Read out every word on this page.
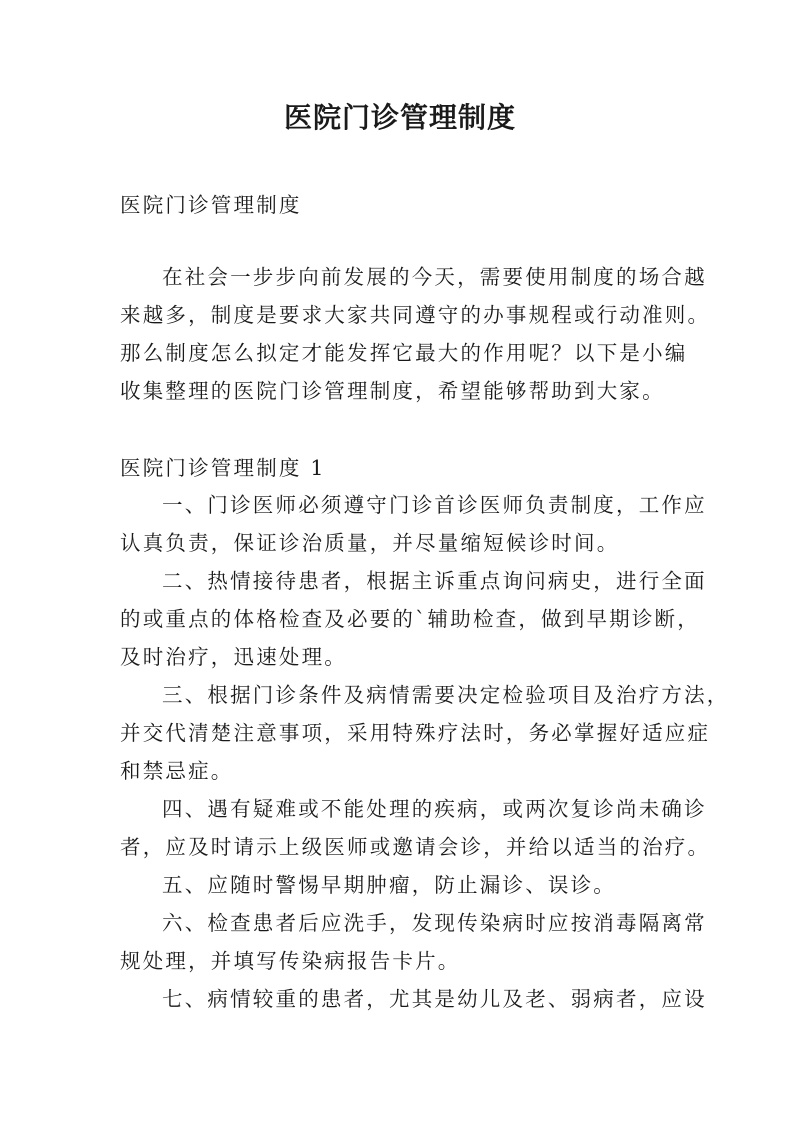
医院门诊管理制度

医院门诊管理制度

在社会一步步向前发展的今天，需要使用制度的场合越

来越多，制度是要求大家共同遵守的办事规程或行动准则。

那么制度怎么拟定才能发挥它最大的作用呢？以下是小编

收集整理的医院门诊管理制度，希望能够帮助到大家。

医院门诊管理制度 1

一、门诊医师必须遵守门诊首诊医师负责制度，工作应

认真负责，保证诊治质量，并尽量缩短候诊时间。

二、热情接待患者，根据主诉重点询问病史，进行全面

的或重点的体格检查及必要的`辅助检查，做到早期诊断，

及时治疗，迅速处理。

三、根据门诊条件及病情需要决定检验项目及治疗方法，

并交代清楚注意事项，采用特殊疗法时，务必掌握好适应症

和禁忌症。

四、遇有疑难或不能处理的疾病，或两次复诊尚未确诊

者，应及时请示上级医师或邀请会诊，并给以适当的治疗。

五、应随时警惕早期肿瘤，防止漏诊、误诊。

六、检查患者后应洗手，发现传染病时应按消毒隔离常

规处理，并填写传染病报告卡片。

七、病情较重的患者，尤其是幼儿及老、弱病者，应设
